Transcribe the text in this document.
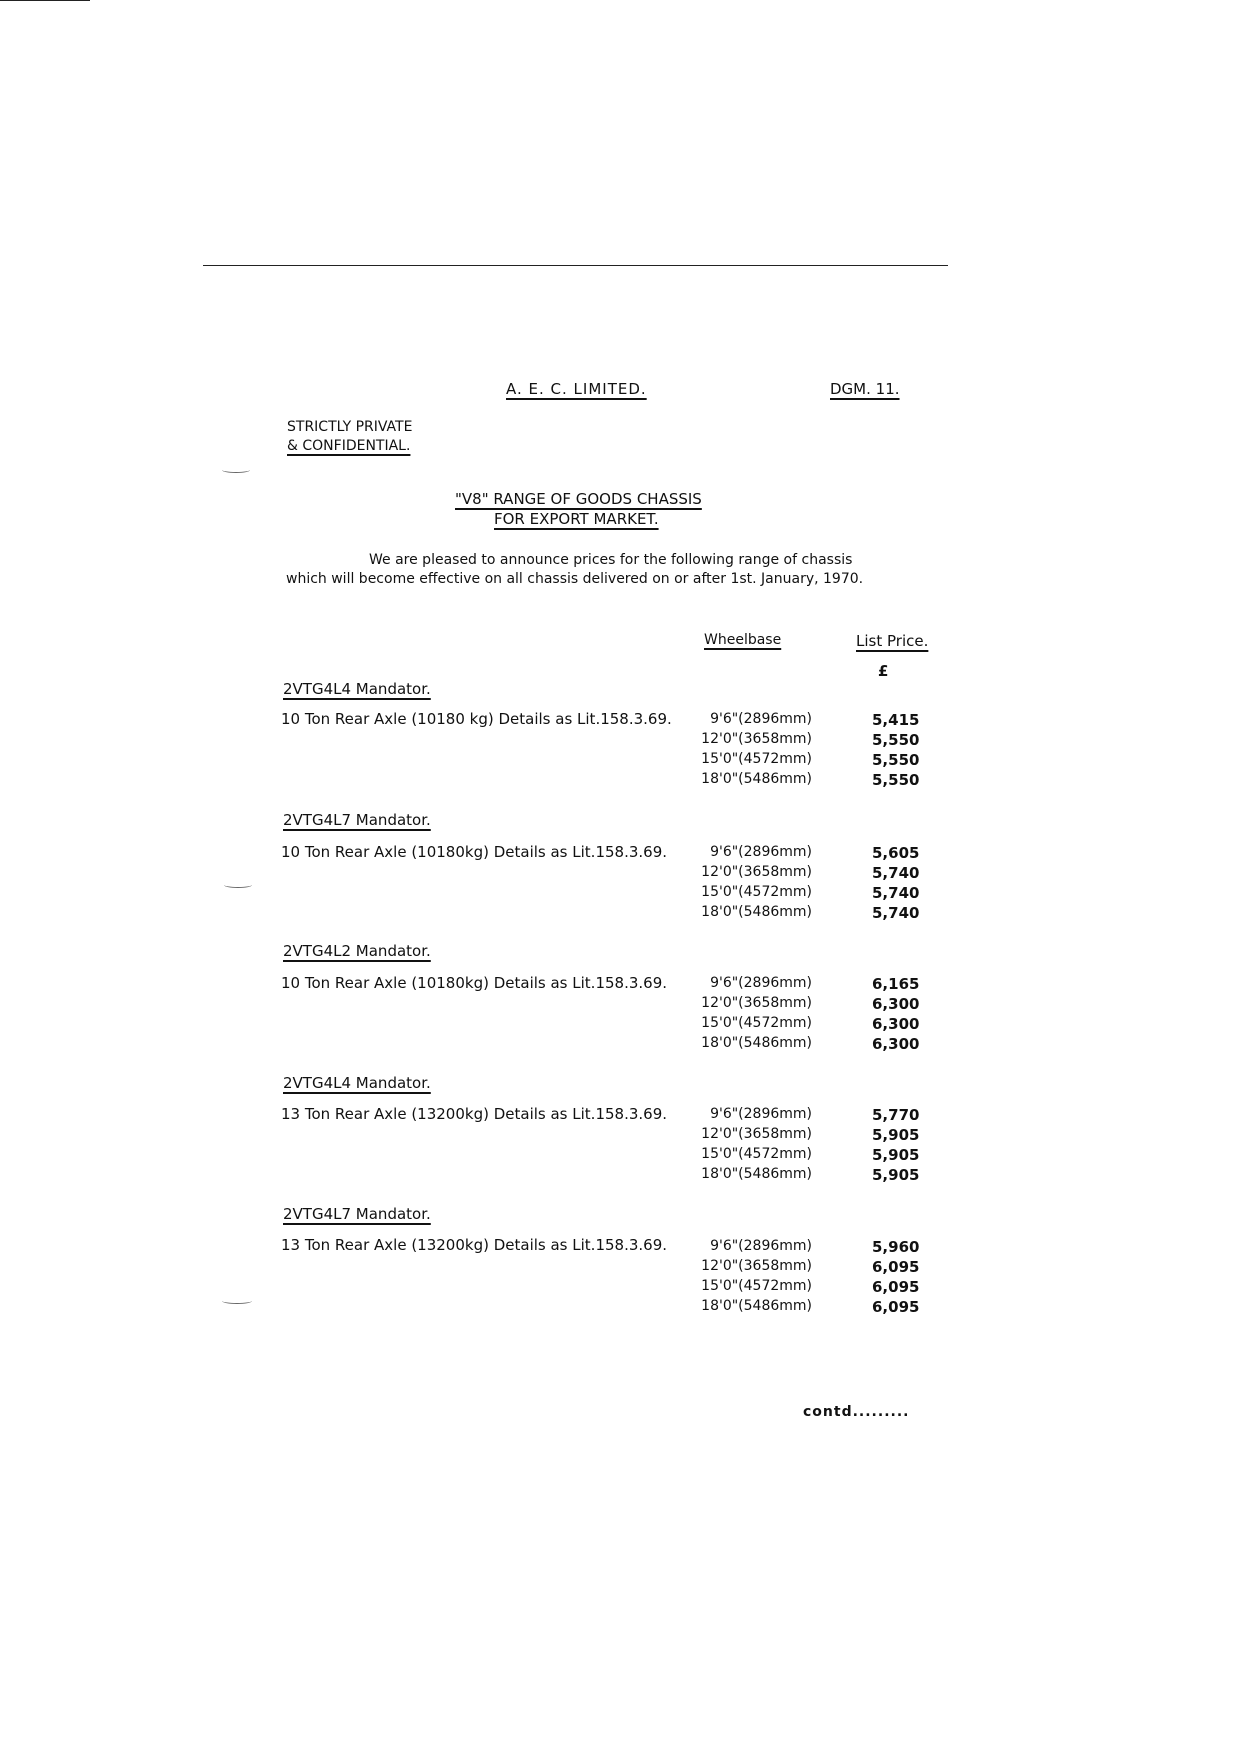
A. E. C. LIMITED.	DGM. 11.
STRICTLY PRIVATE
& CONFIDENTIAL.
"V8" RANGE OF GOODS CHASSIS
FOR EXPORT MARKET.
We are pleased to announce prices for the following range of chassis
which will become effective on all chassis delivered on or after 1st. January, 1970.
Wheelbase	List Price.
£
2VTG4L4 Mandator.
10 Ton Rear Axle (10180 kg) Details as Lit.158.3.69.	9'6"(2896mm)	5,415
12'0"(3658mm)	5,550
15'0"(4572mm)	5,550
18'0"(5486mm)	5,550
2VTG4L7 Mandator.
10 Ton Rear Axle (10180kg) Details as Lit.158.3.69.	9'6"(2896mm)	5,605
12'0"(3658mm)	5,740
15'0"(4572mm)	5,740
18'0"(5486mm)	5,740
2VTG4L2 Mandator.
10 Ton Rear Axle (10180kg) Details as Lit.158.3.69.	9'6"(2896mm)	6,165
12'0"(3658mm)	6,300
15'0"(4572mm)	6,300
18'0"(5486mm)	6,300
2VTG4L4 Mandator.
13 Ton Rear Axle (13200kg) Details as Lit.158.3.69.	9'6"(2896mm)	5,770
12'0"(3658mm)	5,905
15'0"(4572mm)	5,905
18'0"(5486mm)	5,905
2VTG4L7 Mandator.
13 Ton Rear Axle (13200kg) Details as Lit.158.3.69.	9'6"(2896mm)	5,960
12'0"(3658mm)	6,095
15'0"(4572mm)	6,095
18'0"(5486mm)	6,095
contd.........
